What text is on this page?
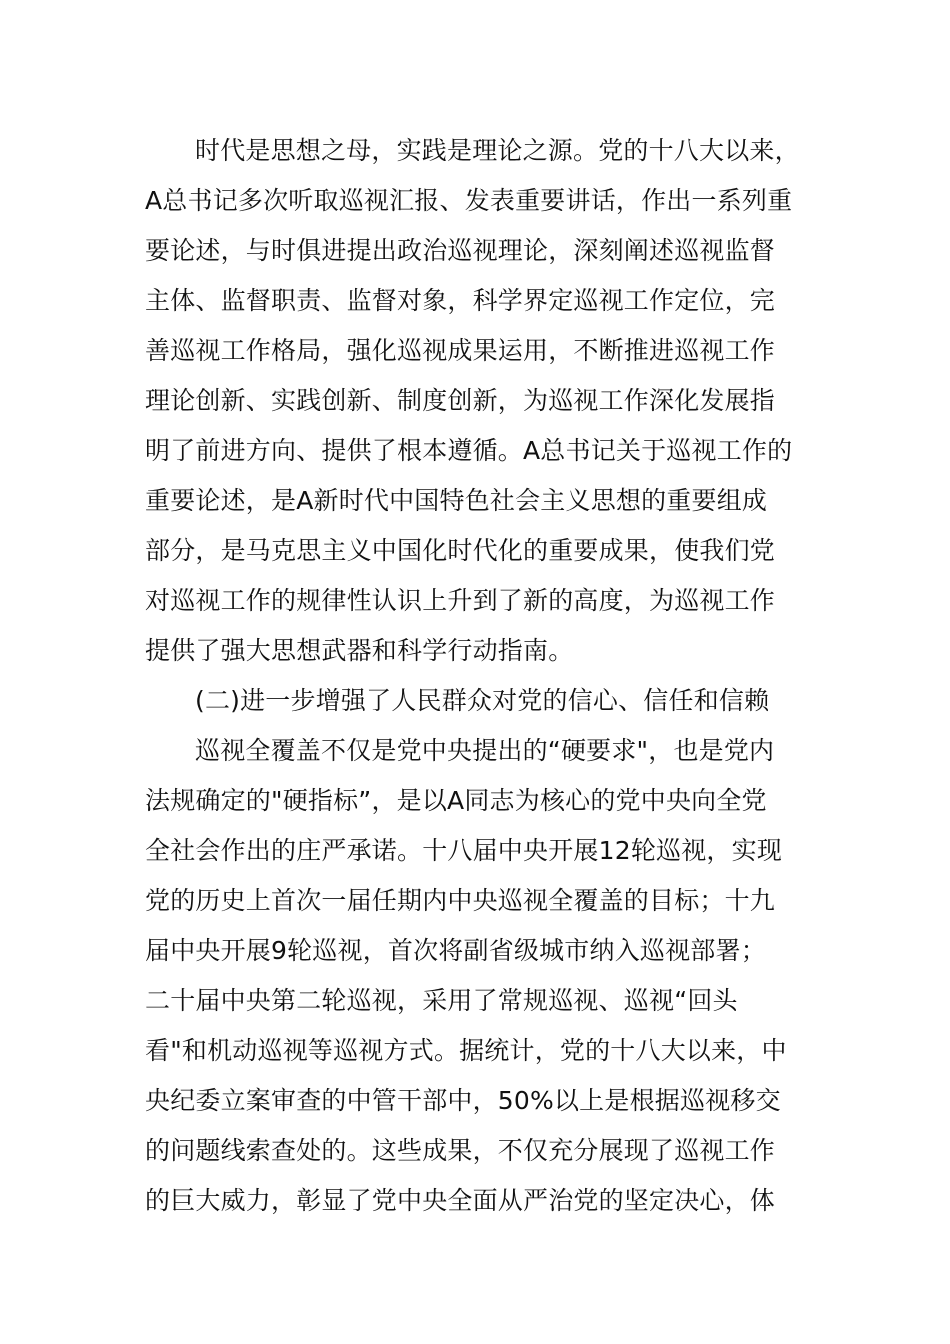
时代是思想之母，实践是理论之源。党的十八大以来，
A总书记多次听取巡视汇报、发表重要讲话，作出一系列重
要论述，与时俱进提出政治巡视理论，深刻阐述巡视监督
主体、监督职责、监督对象，科学界定巡视工作定位，完
善巡视工作格局，强化巡视成果运用，不断推进巡视工作
理论创新、实践创新、制度创新，为巡视工作深化发展指
明了前进方向、提供了根本遵循。A总书记关于巡视工作的
重要论述，是A新时代中国特色社会主义思想的重要组成
部分，是马克思主义中国化时代化的重要成果，使我们党
对巡视工作的规律性认识上升到了新的高度，为巡视工作
提供了强大思想武器和科学行动指南。
(二)进一步增强了人民群众对党的信心、信任和信赖
巡视全覆盖不仅是党中央提出的“硬要求"，也是党内
法规确定的"硬指标”，是以A同志为核心的党中央向全党
全社会作出的庄严承诺。十八届中央开展12轮巡视，实现
党的历史上首次一届任期内中央巡视全覆盖的目标；十九
届中央开展9轮巡视，首次将副省级城市纳入巡视部署；
二十届中央第二轮巡视，采用了常规巡视、巡视“回头
看"和机动巡视等巡视方式。据统计，党的十八大以来，中
央纪委立案审查的中管干部中，50%以上是根据巡视移交
的问题线索查处的。这些成果，不仅充分展现了巡视工作
的巨大威力，彰显了党中央全面从严治党的坚定决心，体
